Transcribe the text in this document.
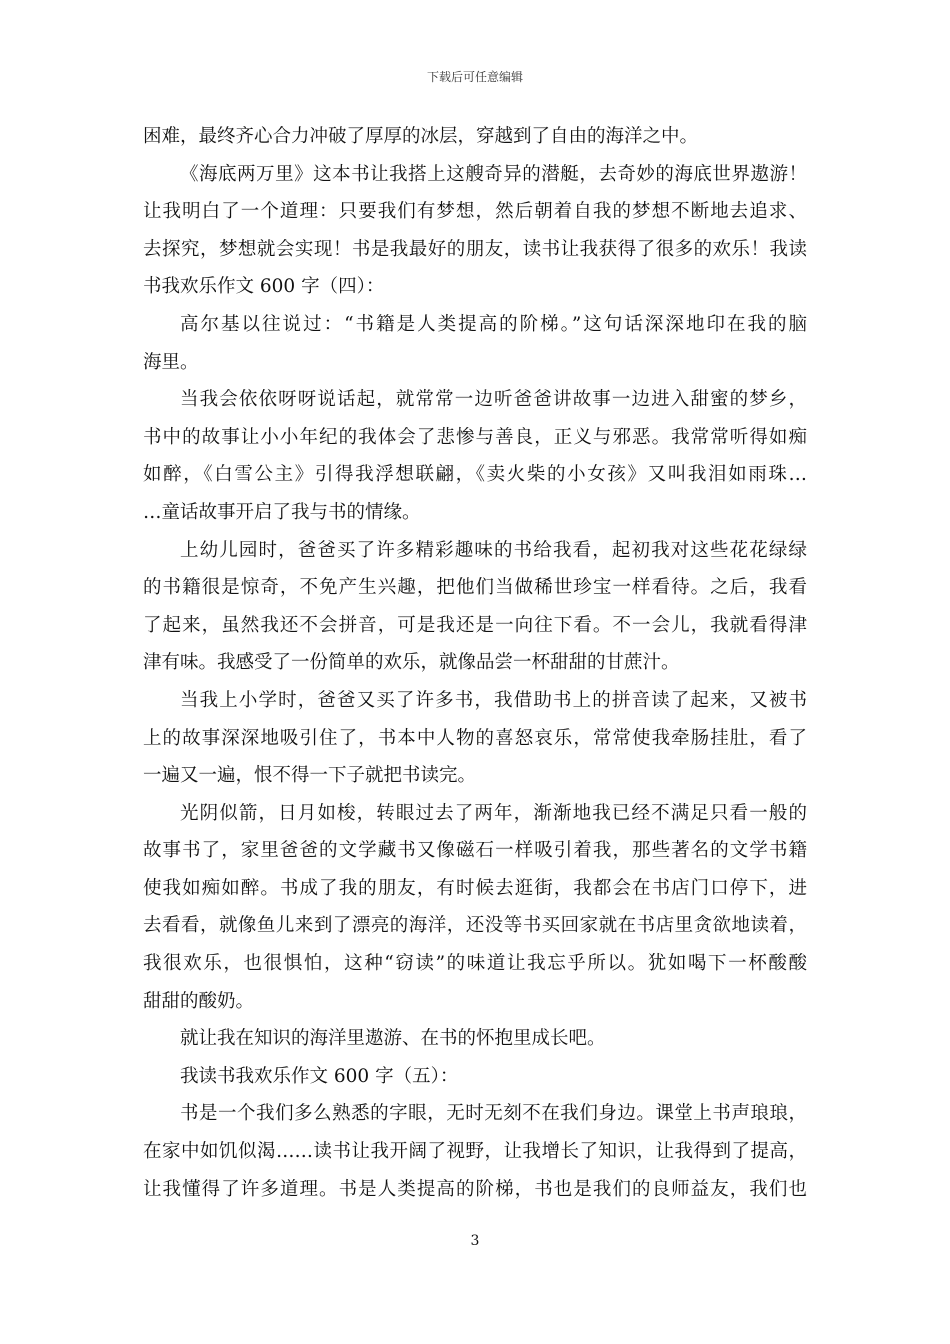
下载后可任意编辑
困难，最终齐心合力冲破了厚厚的冰层，穿越到了自由的海洋之中。
《海底两万里》这本书让我搭上这艘奇异的潜艇，去奇妙的海底世界遨游！
让我明白了一个道理：只要我们有梦想，然后朝着自我的梦想不断地去追求、
去探究，梦想就会实现！书是我最好的朋友，读书让我获得了很多的欢乐！我读
书我欢乐作文 600 字（四）：
高尔基以往说过：“书籍是人类提高的阶梯。”这句话深深地印在我的脑
海里。
当我会依依呀呀说话起，就常常一边听爸爸讲故事一边进入甜蜜的梦乡，
书中的故事让小小年纪的我体会了悲惨与善良，正义与邪恶。我常常听得如痴
如醉，《白雪公主》引得我浮想联翩，《卖火柴的小女孩》又叫我泪如雨珠…
…童话故事开启了我与书的情缘。
上幼儿园时，爸爸买了许多精彩趣味的书给我看，起初我对这些花花绿绿
的书籍很是惊奇，不免产生兴趣，把他们当做稀世珍宝一样看待。之后，我看
了起来，虽然我还不会拼音，可是我还是一向往下看。不一会儿，我就看得津
津有味。我感受了一份简单的欢乐，就像品尝一杯甜甜的甘蔗汁。
当我上小学时，爸爸又买了许多书，我借助书上的拼音读了起来，又被书
上的故事深深地吸引住了，书本中人物的喜怒哀乐，常常使我牵肠挂肚，看了
一遍又一遍，恨不得一下子就把书读完。
光阴似箭，日月如梭，转眼过去了两年，渐渐地我已经不满足只看一般的
故事书了，家里爸爸的文学藏书又像磁石一样吸引着我，那些著名的文学书籍
使我如痴如醉。书成了我的朋友，有时候去逛街，我都会在书店门口停下，进
去看看，就像鱼儿来到了漂亮的海洋，还没等书买回家就在书店里贪欲地读着，
我很欢乐，也很惧怕，这种“窃读”的味道让我忘乎所以。犹如喝下一杯酸酸
甜甜的酸奶。
就让我在知识的海洋里遨游、在书的怀抱里成长吧。
我读书我欢乐作文 600 字（五）：
书是一个我们多么熟悉的字眼，无时无刻不在我们身边。课堂上书声琅琅，
在家中如饥似渴……读书让我开阔了视野，让我增长了知识，让我得到了提高，
让我懂得了许多道理。书是人类提高的阶梯，书也是我们的良师益友，我们也
3
